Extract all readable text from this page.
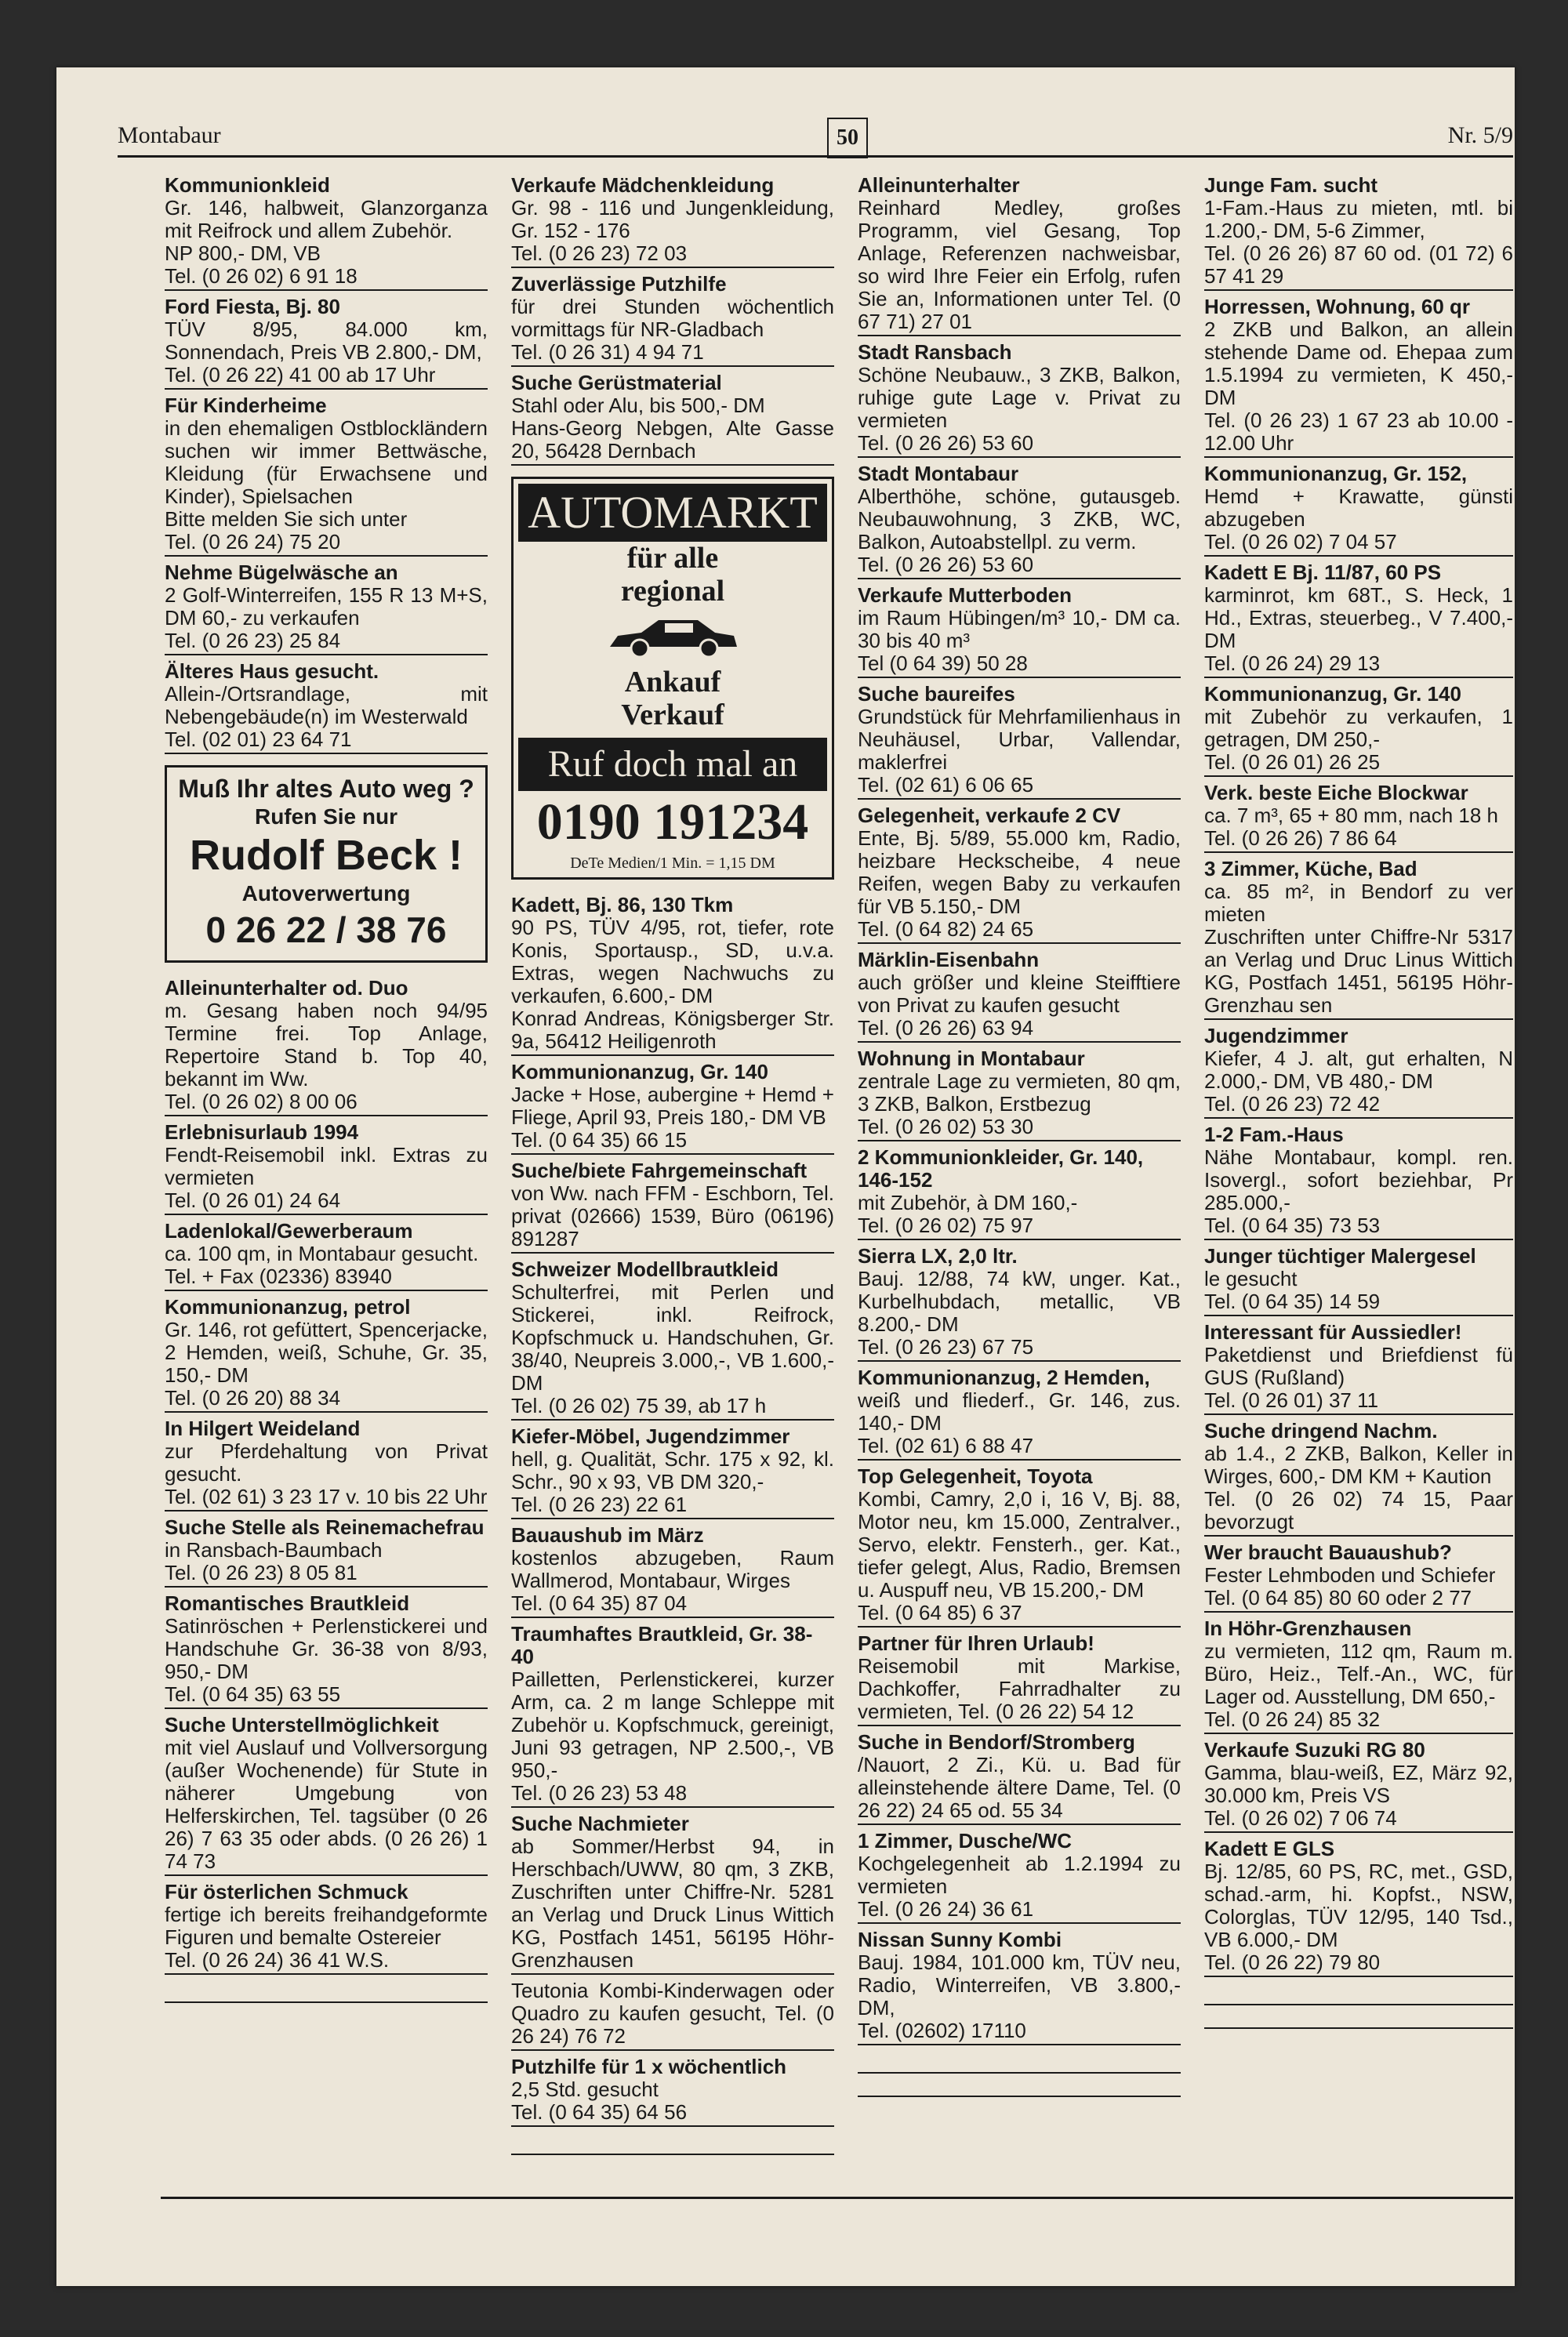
Montabaur	50	Nr. 5/9
Kommunionkleid

Gr. 146, halbweit, Glanzorganza mit Reifrock und allem Zubehör.
NP 800,- DM, VB
Tel. (0 26 02) 6 91 18

Ford Fiesta, Bj. 80

TÜV 8/95, 84.000 km, Sonnendach, Preis VB 2.800,- DM,
Tel. (0 26 22) 41 00 ab 17 Uhr

Für Kinderheime

in den ehemaligen Ostblockländern suchen wir immer Bettwäsche, Kleidung (für Erwachsene und Kinder), Spielsachen
Bitte melden Sie sich unter
Tel. (0 26 24) 75 20

Nehme Bügelwäsche an

2 Golf-Winterreifen, 155 R 13 M+S, DM 60,- zu verkaufen
Tel. (0 26 23) 25 84

Älteres Haus gesucht.

Allein-/Ortsrandlage, mit Nebengebäude(n) im Westerwald
Tel. (02 01) 23 64 71

Muß Ihr altes Auto weg ?
Rufen Sie nur
Rudolf Beck !
Autoverwertung
0 26 22 / 38 76
Alleinunterhalter od. Duo

m. Gesang haben noch 94/95 Termine frei. Top Anlage, Repertoire Stand b. Top 40, bekannt im Ww.
Tel. (0 26 02) 8 00 06

Erlebnisurlaub 1994

Fendt-Reisemobil inkl. Extras zu vermieten
Tel. (0 26 01) 24 64

Ladenlokal/Gewerberaum

ca. 100 qm, in Montabaur gesucht.
Tel. + Fax (02336) 83940

Kommunionanzug, petrol

Gr. 146, rot gefüttert, Spencerjacke, 2 Hemden, weiß, Schuhe, Gr. 35, 150,- DM
Tel. (0 26 20) 88 34

In Hilgert Weideland

zur Pferdehaltung von Privat gesucht.
Tel. (02 61) 3 23 17 v. 10 bis 22 Uhr

Suche Stelle als Reinemachefrau

in Ransbach-Baumbach
Tel. (0 26 23) 8 05 81

Romantisches Brautkleid

Satinröschen + Perlenstickerei und Handschuhe Gr. 36-38 von 8/93, 950,- DM
Tel. (0 64 35) 63 55

Suche Unterstellmöglichkeit

mit viel Auslauf und Vollversorgung (außer Wochenende) für Stute in näherer Umgebung von Helferskirchen, Tel. tagsüber (0 26 26) 7 63 35 oder abds. (0 26 26) 1 74 73

Für österlichen Schmuck

fertige ich bereits freihandgeformte Figuren und bemalte Ostereier
Tel. (0 26 24) 36 41 W.S.

Verkaufe Mädchenkleidung

Gr. 98 - 116 und Jungenkleidung, Gr. 152 - 176
Tel. (0 26 23) 72 03

Zuverlässige Putzhilfe

für drei Stunden wöchentlich vormittags für NR-Gladbach
Tel. (0 26 31) 4 94 71

Suche Gerüstmaterial

Stahl oder Alu, bis 500,- DM
Hans-Georg Nebgen, Alte Gasse 20, 56428 Dernbach

AUTOMARKT
für alle
regional
Ankauf
Verkauf
Ruf doch mal an
0190 191234
DeTe Medien/1 Min. = 1,15 DM
Kadett, Bj. 86, 130 Tkm

90 PS, TÜV 4/95, rot, tiefer, rote Konis, Sportausp., SD, u.v.a. Extras, wegen Nachwuchs zu verkaufen, 6.600,- DM
Konrad Andreas, Königsberger Str. 9a, 56412 Heiligenroth

Kommunionanzug, Gr. 140

Jacke + Hose, aubergine + Hemd + Fliege, April 93, Preis 180,- DM VB
Tel. (0 64 35) 66 15

Suche/biete Fahrgemeinschaft

von Ww. nach FFM - Eschborn, Tel. privat (02666) 1539, Büro (06196) 891287

Schweizer Modellbrautkleid

Schulterfrei, mit Perlen und Stickerei, inkl. Reifrock, Kopfschmuck u. Handschuhen, Gr. 38/40, Neupreis 3.000,-, VB 1.600,- DM
Tel. (0 26 02) 75 39, ab 17 h

Kiefer-Möbel, Jugendzimmer

hell, g. Qualität, Schr. 175 x 92, kl. Schr., 90 x 93, VB DM 320,-
Tel. (0 26 23) 22 61

Bauaushub im März

kostenlos abzugeben, Raum Wallmerod, Montabaur, Wirges
Tel. (0 64 35) 87 04

Traumhaftes Brautkleid, Gr. 38-40

Pailletten, Perlenstickerei, kurzer Arm, ca. 2 m lange Schleppe mit Zubehör u. Kopfschmuck, gereinigt, Juni 93 getragen, NP 2.500,-, VB 950,-
Tel. (0 26 23) 53 48

Suche Nachmieter

ab Sommer/Herbst 94, in Herschbach/UWW, 80 qm, 3 ZKB, Zuschriften unter Chiffre-Nr. 5281 an Verlag und Druck Linus Wittich KG, Postfach 1451, 56195 Höhr-Grenzhausen

Teutonia Kombi-Kinderwagen oder Quadro zu kaufen gesucht, Tel. (0 26 24) 76 72

Putzhilfe für 1 x wöchentlich

2,5 Std. gesucht
Tel. (0 64 35) 64 56

Alleinunterhalter

Reinhard Medley, großes Programm, viel Gesang, Top Anlage, Referenzen nachweisbar, so wird Ihre Feier ein Erfolg, rufen Sie an, Informationen unter Tel. (0 67 71) 27 01

Stadt Ransbach

Schöne Neubauw., 3 ZKB, Balkon, ruhige gute Lage v. Privat zu vermieten
Tel. (0 26 26) 53 60

Stadt Montabaur

Alberthöhe, schöne, gutausgeb. Neubauwohnung, 3 ZKB, WC, Balkon, Autoabstellpl. zu verm.
Tel. (0 26 26) 53 60

Verkaufe Mutterboden

im Raum Hübingen/m³ 10,- DM ca. 30 bis 40 m³
Tel (0 64 39) 50 28

Suche baureifes

Grundstück für Mehrfamilienhaus in Neuhäusel, Urbar, Vallendar, maklerfrei
Tel. (02 61) 6 06 65

Gelegenheit, verkaufe 2 CV

Ente, Bj. 5/89, 55.000 km, Radio, heizbare Heckscheibe, 4 neue Reifen, wegen Baby zu verkaufen für VB 5.150,- DM
Tel. (0 64 82) 24 65

Märklin-Eisenbahn

auch größer und kleine Steifftiere von Privat zu kaufen gesucht
Tel. (0 26 26) 63 94

Wohnung in Montabaur

zentrale Lage zu vermieten, 80 qm, 3 ZKB, Balkon, Erstbezug
Tel. (0 26 02) 53 30

2 Kommunionkleider, Gr. 140, 146-152

mit Zubehör, à DM 160,-
Tel. (0 26 02) 75 97

Sierra LX, 2,0 ltr.

Bauj. 12/88, 74 kW, unger. Kat., Kurbelhubdach, metallic, VB 8.200,- DM
Tel. (0 26 23) 67 75

Kommunionanzug, 2 Hemden,

weiß und fliederf., Gr. 146, zus. 140,- DM
Tel. (02 61) 6 88 47

Top Gelegenheit, Toyota

Kombi, Camry, 2,0 i, 16 V, Bj. 88, Motor neu, km 15.000, Zentralver., Servo, elektr. Fensterh., ger. Kat., tiefer gelegt, Alus, Radio, Bremsen u. Auspuff neu, VB 15.200,- DM
Tel. (0 64 85) 6 37

Partner für Ihren Urlaub!

Reisemobil mit Markise, Dachkoffer, Fahrradhalter zu vermieten, Tel. (0 26 22) 54 12

Suche in Bendorf/Stromberg

/Nauort, 2 Zi., Kü. u. Bad für alleinstehende ältere Dame, Tel. (0 26 22) 24 65 od. 55 34

1 Zimmer, Dusche/WC

Kochgelegenheit ab 1.2.1994 zu vermieten
Tel. (0 26 24) 36 61

Nissan Sunny Kombi

Bauj. 1984, 101.000 km, TÜV neu, Radio, Winterreifen, VB 3.800,- DM,
Tel. (02602) 17110

Junge Fam. sucht

1-Fam.-Haus zu mieten, mtl. bi 1.200,- DM, 5-6 Zimmer,
Tel. (0 26 26) 87 60 od. (01 72) 6 57 41 29

Horressen, Wohnung, 60 qr

2 ZKB und Balkon, an allein stehende Dame od. Ehepaa zum 1.5.1994 zu vermieten, K 450,- DM
Tel. (0 26 23) 1 67 23 ab 10.00 - 12.00 Uhr

Kommunionanzug, Gr. 152,

Hemd + Krawatte, günsti abzugeben
Tel. (0 26 02) 7 04 57

Kadett E Bj. 11/87, 60 PS

karminrot, km 68T., S. Heck, 1 Hd., Extras, steuerbeg., V 7.400,- DM
Tel. (0 26 24) 29 13

Kommunionanzug, Gr. 140

mit Zubehör zu verkaufen, 1 getragen, DM 250,-
Tel. (0 26 01) 26 25

Verk. beste Eiche Blockwar

ca. 7 m³, 65 + 80 mm, nach 18 h
Tel. (0 26 26) 7 86 64

3 Zimmer, Küche, Bad

ca. 85 m², in Bendorf zu ver mieten
Zuschriften unter Chiffre-Nr 5317 an Verlag und Druc Linus Wittich KG, Postfach 1451, 56195 Höhr-Grenzhau sen

Jugendzimmer

Kiefer, 4 J. alt, gut erhalten, N 2.000,- DM, VB 480,- DM
Tel. (0 26 23) 72 42

1-2 Fam.-Haus

Nähe Montabaur, kompl. ren. Isovergl., sofort beziehbar, Pr 285.000,-
Tel. (0 64 35) 73 53

Junger tüchtiger Malergesel

le gesucht
Tel. (0 64 35) 14 59

Interessant für Aussiedler!

Paketdienst und Briefdienst fü GUS (Rußland)
Tel. (0 26 01) 37 11

Suche dringend Nachm.

ab 1.4., 2 ZKB, Balkon, Keller in Wirges, 600,- DM KM + Kaution
Tel. (0 26 02) 74 15, Paar bevorzugt

Wer braucht Bauaushub?

Fester Lehmboden und Schiefer
Tel. (0 64 85) 80 60 oder 2 77

In Höhr-Grenzhausen

zu vermieten, 112 qm, Raum m. Büro, Heiz., Telf.-An., WC, für Lager od. Ausstellung, DM 650,-
Tel. (0 26 24) 85 32

Verkaufe Suzuki RG 80

Gamma, blau-weiß, EZ, März 92, 30.000 km, Preis VS
Tel. (0 26 02) 7 06 74

Kadett E GLS

Bj. 12/85, 60 PS, RC, met., GSD, schad.-arm, hi. Kopfst., NSW, Colorglas, TÜV 12/95, 140 Tsd., VB 6.000,- DM
Tel. (0 26 22) 79 80
